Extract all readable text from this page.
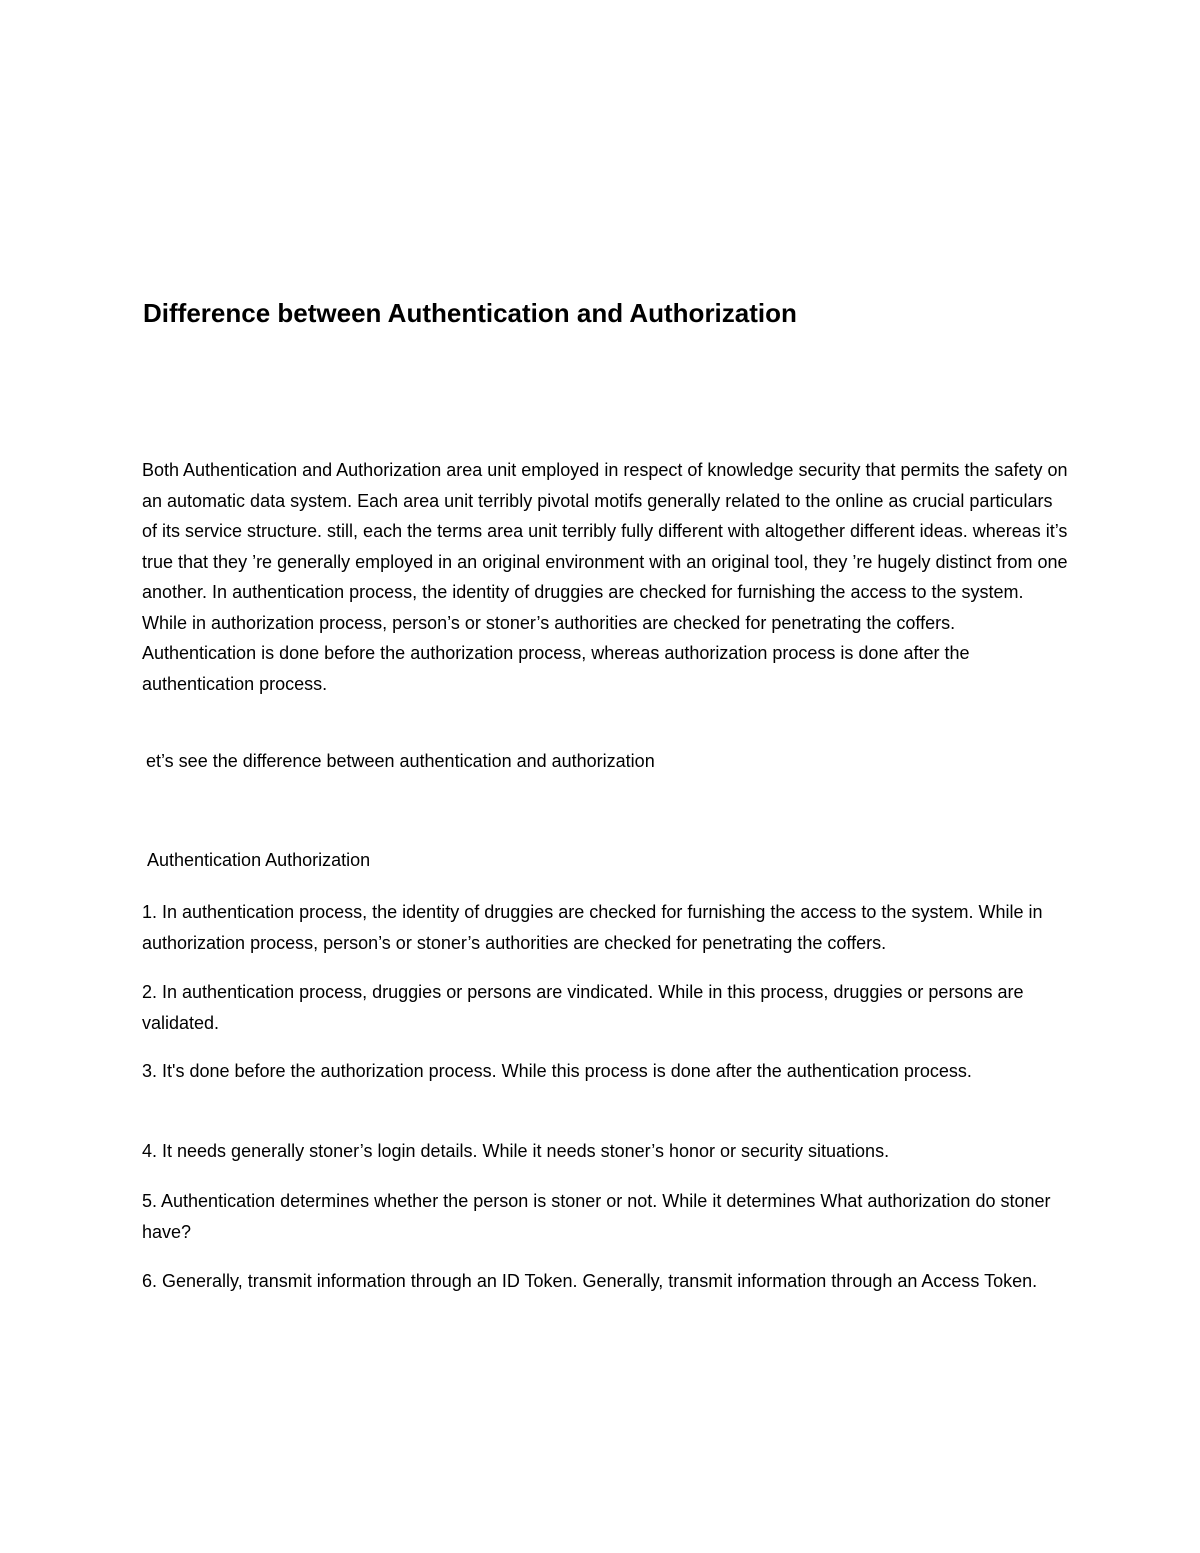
Difference between Authentication and Authorization

Both Authentication and Authorization area unit employed in respect of knowledge security that permits the safety on an automatic data system. Each area unit terribly pivotal motifs generally related to the online as crucial particulars of its service structure. still, each the terms area unit terribly fully different with altogether different ideas. whereas it’s true that they ’re generally employed in an original environment with an original tool, they ’re hugely distinct from one another. In authentication process, the identity of druggies are checked for furnishing the access to the system. While in authorization process, person’s or stoner’s authorities are checked for penetrating the coffers. Authentication is done before the authorization process, whereas authorization process is done after the authentication process.

et’s see the difference between authentication and authorization

Authentication Authorization

1. In authentication process, the identity of druggies are checked for furnishing the access to the system. While in authorization process, person’s or stoner’s authorities are checked for penetrating the coffers.

2. In authentication process, druggies or persons are vindicated. While in this process, druggies or persons are validated.

3. It's done before the authorization process. While this process is done after the authentication process.

4. It needs generally stoner’s login details. While it needs stoner’s honor or security situations.

5. Authentication determines whether the person is stoner or not. While it determines What authorization do stoner have?

6. Generally, transmit information through an ID Token. Generally, transmit information through an Access Token.
